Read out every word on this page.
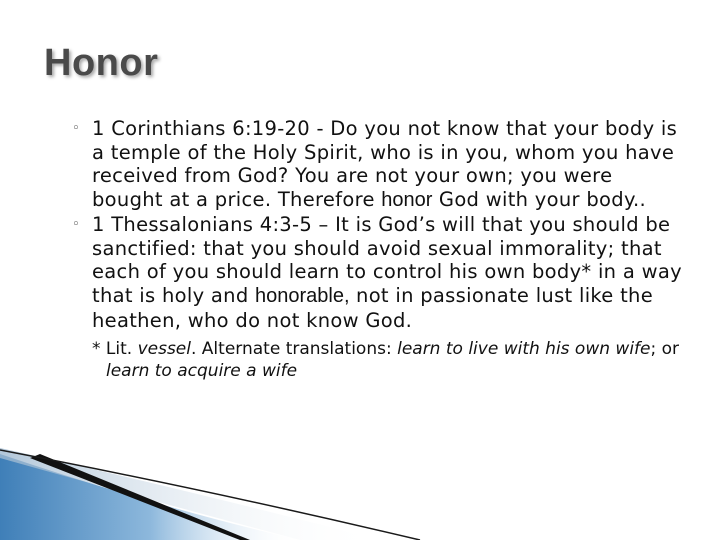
Honor
◦ 1 Corinthians 6:19-20 - Do you not know that your body is a temple of the Holy Spirit, who is in you, whom you have received from God? You are not your own; you were bought at a price. Therefore honor God with your body..
◦ 1 Thessalonians 4:3-5 – It is God’s will that you should be sanctified: that you should avoid sexual immorality; that each of you should learn to control his own body* in a way that is holy and honorable, not in passionate lust like the heathen, who do not know God.
* Lit. vessel. Alternate translations: learn to live with his own wife; or learn to acquire a wife
